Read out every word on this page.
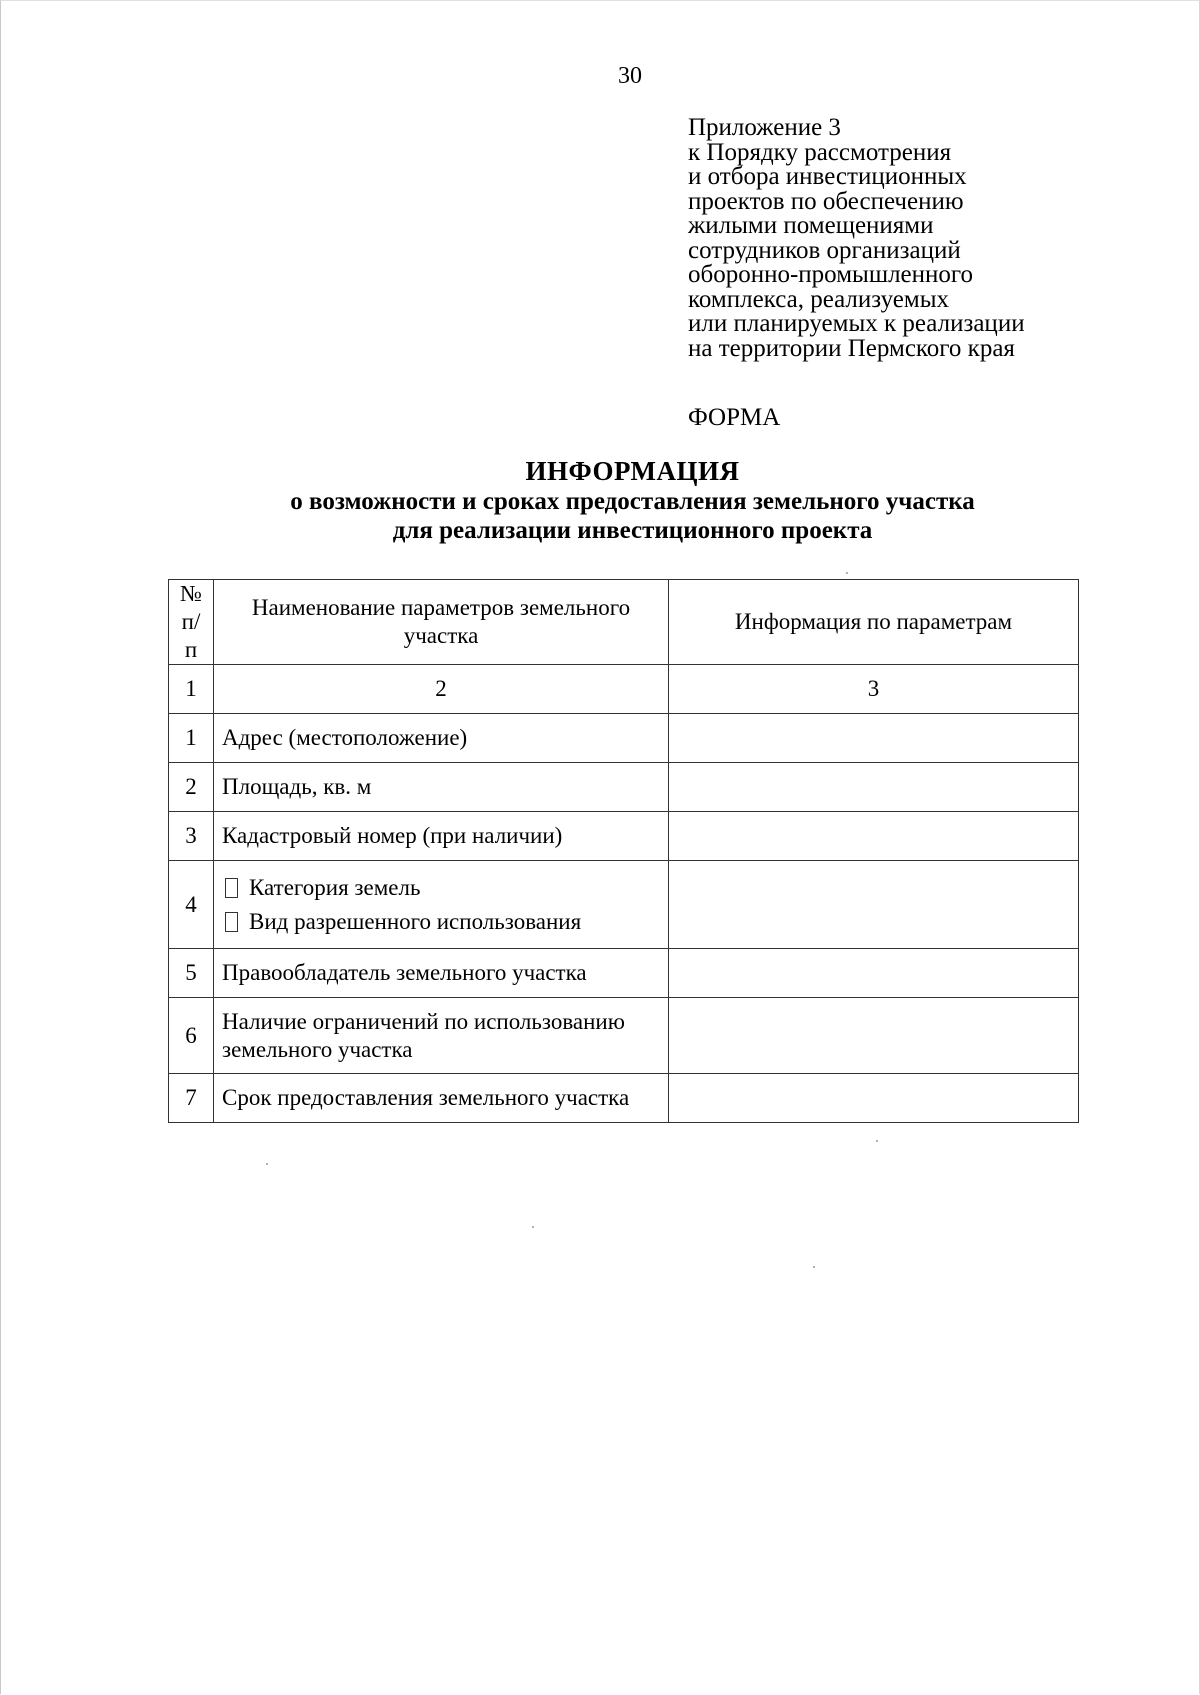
30
Приложение 3
к Порядку рассмотрения
и отбора инвестиционных
проектов по обеспечению
жилыми помещениями
сотрудников организаций
оборонно-промышленного
комплекса, реализуемых
или планируемых к реализации
на территории Пермского края
ФОРМА
ИНФОРМАЦИЯ
о возможности и сроках предоставления земельного участка
для реализации инвестиционного проекта
№ п/п	Наименование параметров земельного участка	Информация по параметрам
1	2	3
1	Адрес (местоположение)	
2	Площадь, кв. м	
3	Кадастровый номер (при наличии)	
4	Категория земель
Вид разрешенного использования	

5	Правообладатель земельного участка	
6	Наличие ограничений по использованию земельного участка	
7	Срок предоставления земельного участка	
